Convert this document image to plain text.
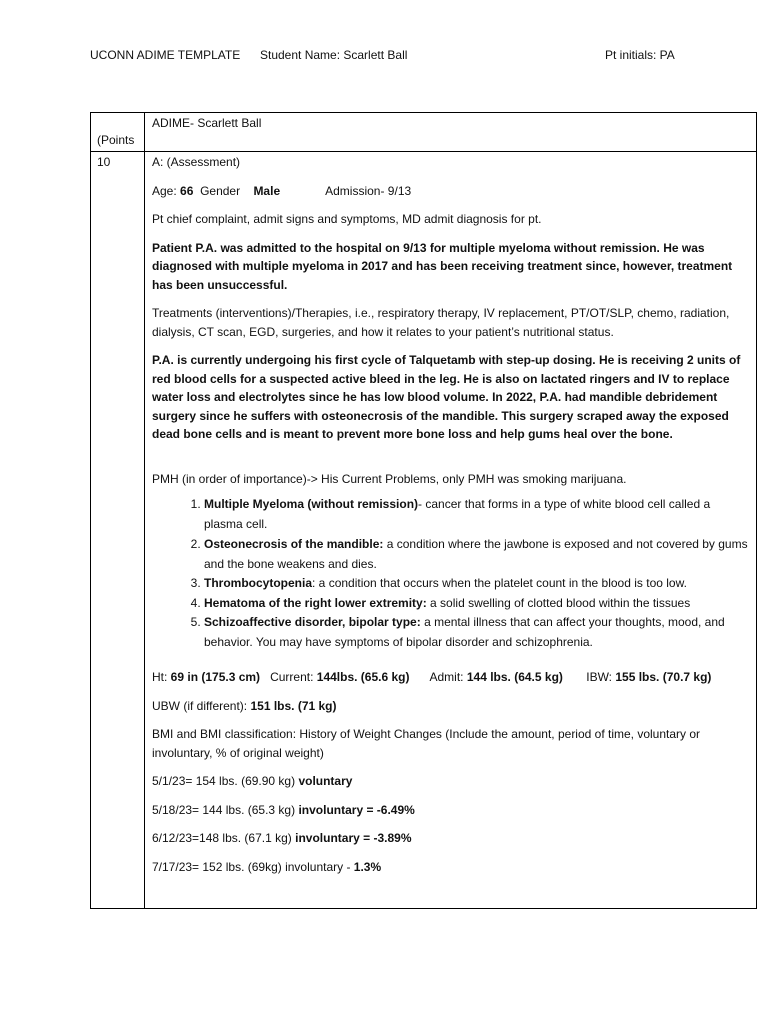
UCONN ADIME TEMPLATE Student Name: Scarlett Ball	Pt initials: PA
(Points
10
ADIME- Scarlett Ball

A: (Assessment)

Age: 66 Gender Male	Admission- 9/13

Pt chief complaint, admit signs and symptoms, MD admit diagnosis for pt.

Patient P.A. was admitted to the hospital on 9/13 for multiple myeloma without remission. He was diagnosed with multiple myeloma in 2017 and has been receiving treatment since, however, treatment has been unsuccessful.

Treatments (interventions)/Therapies, i.e., respiratory therapy, IV replacement, PT/OT/SLP, chemo, radiation, dialysis, CT scan, EGD, surgeries, and how it relates to your patient’s nutritional status.

P.A. is currently undergoing his first cycle of Talquetamb with step-up dosing. He is receiving 2 units of red blood cells for a suspected active bleed in the leg. He is also on lactated ringers and IV to replace water loss and electrolytes since he has low blood volume. In 2022, P.A. had mandible debridement surgery since he suffers with osteonecrosis of the mandible. This surgery scraped away the exposed dead bone cells and is meant to prevent more bone loss and help gums heal over the bone.

PMH (in order of importance)-> His Current Problems, only PMH was smoking marijuana.

1. Multiple Myeloma (without remission)- cancer that forms in a type of white blood cell called a plasma cell.
2. Osteonecrosis of the mandible: a condition where the jawbone is exposed and not covered by gums and the bone weakens and dies.
3. Thrombocytopenia: a condition that occurs when the platelet count in the blood is too low.
4. Hematoma of the right lower extremity: a solid swelling of clotted blood within the tissues
5. Schizoaffective disorder, bipolar type: a mental illness that can affect your thoughts, mood, and behavior. You may have symptoms of bipolar disorder and schizophrenia.

Ht: 69 in (175.3 cm) Current: 144lbs. (65.6 kg) Admit: 144 lbs. (64.5 kg) IBW: 155 lbs. (70.7 kg)

UBW (if different): 151 lbs. (71 kg)

BMI and BMI classification: History of Weight Changes (Include the amount, period of time, voluntary or involuntary, % of original weight)

5/1/23= 154 lbs. (69.90 kg) voluntary

5/18/23= 144 lbs. (65.3 kg) involuntary = -6.49%

6/12/23=148 lbs. (67.1 kg) involuntary = -3.89%

7/17/23= 152 lbs. (69kg) involuntary - 1.3%
